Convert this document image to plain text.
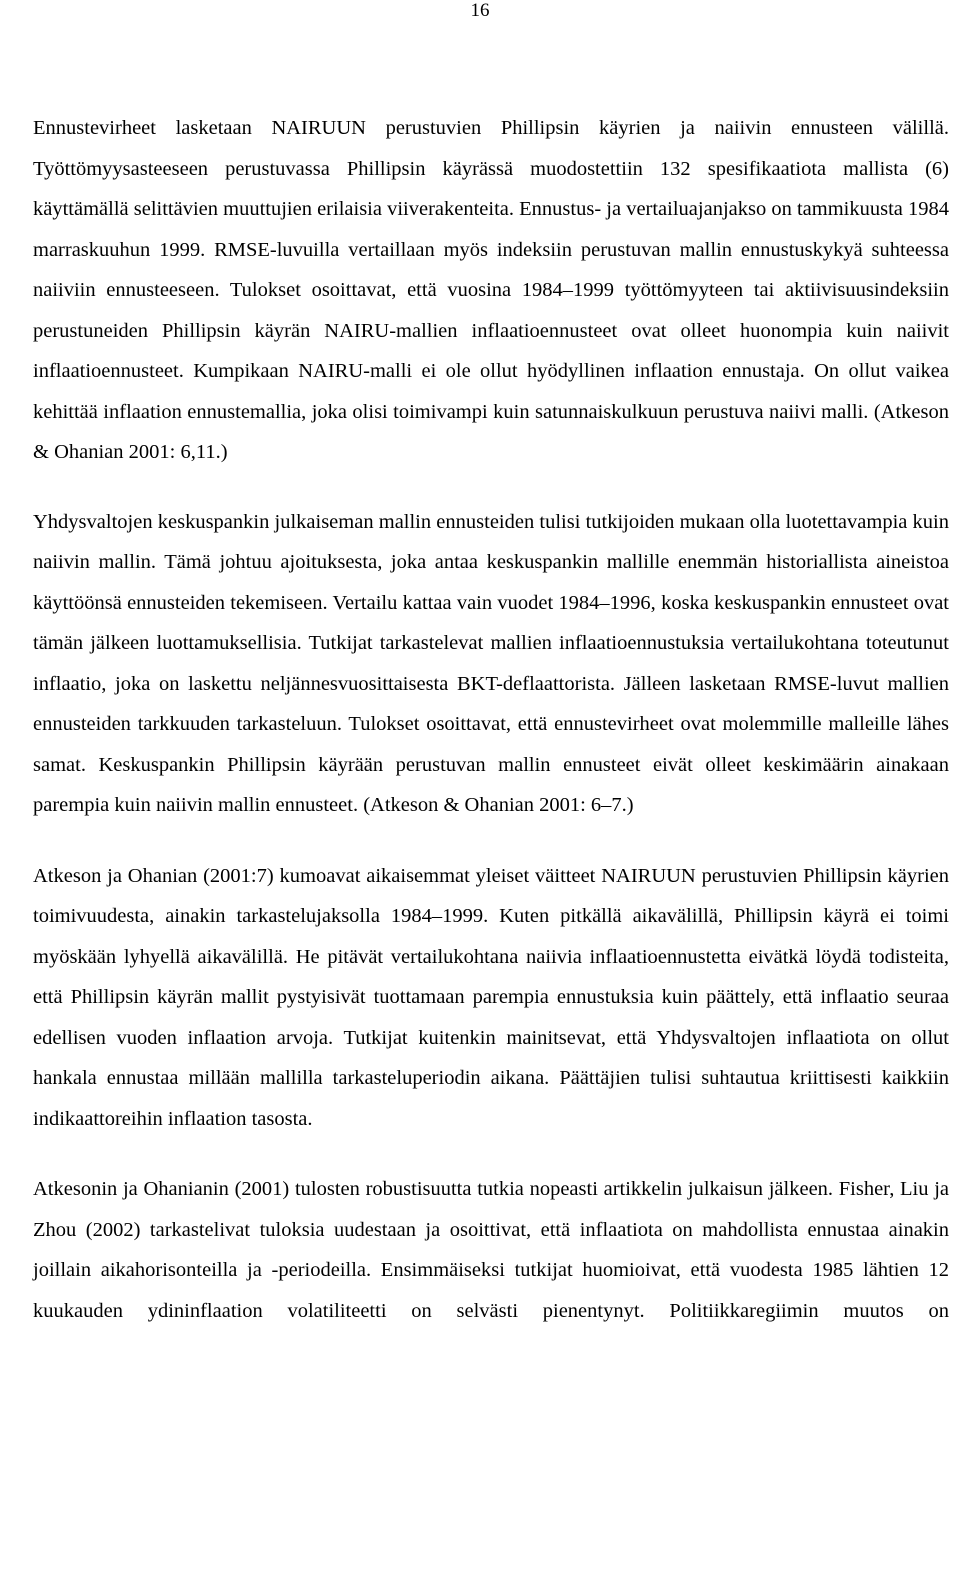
16

Ennustevirheet lasketaan NAIRUUN perustuvien Phillipsin käyrien ja naiivin ennusteen välillä. Työttömyysasteeseen perustuvassa Phillipsin käyrässä muodostettiin 132 spesifikaatiota mallista (6) käyttämällä selittävien muuttujien erilaisia viiverakenteita. Ennustus- ja vertailuajanjakso on tammikuusta 1984 marraskuuhun 1999. RMSE-luvuilla vertaillaan myös indeksiin perustuvan mallin ennustuskykyä suhteessa naiiviin ennusteeseen. Tulokset osoittavat, että vuosina 1984–1999 työttömyyteen tai aktiivisuusindeksiin perustuneiden Phillipsin käyrän NAIRU-mallien inflaatioennusteet ovat olleet huonompia kuin naiivit inflaatioennusteet. Kumpikaan NAIRU-malli ei ole ollut hyödyllinen inflaation ennustaja. On ollut vaikea kehittää inflaation ennustemallia, joka olisi toimivampi kuin satunnaiskulkuun perustuva naiivi malli. (Atkeson & Ohanian 2001: 6,11.)

Yhdysvaltojen keskuspankin julkaiseman mallin ennusteiden tulisi tutkijoiden mukaan olla luotettavampia kuin naiivin mallin. Tämä johtuu ajoituksesta, joka antaa keskuspankin mallille enemmän historiallista aineistoa käyttöönsä ennusteiden tekemiseen. Vertailu kattaa vain vuodet 1984–1996, koska keskuspankin ennusteet ovat tämän jälkeen luottamuksellisia. Tutkijat tarkastelevat mallien inflaatioennustuksia vertailukohtana toteutunut inflaatio, joka on laskettu neljännesvuosittaisesta BKT-deflaattorista. Jälleen lasketaan RMSE-luvut mallien ennusteiden tarkkuuden tarkasteluun. Tulokset osoittavat, että ennustevirheet ovat molemmille malleille lähes samat. Keskuspankin Phillipsin käyrään perustuvan mallin ennusteet eivät olleet keskimäärin ainakaan parempia kuin naiivin mallin ennusteet. (Atkeson & Ohanian 2001: 6–7.)

Atkeson ja Ohanian (2001:7) kumoavat aikaisemmat yleiset väitteet NAIRUUN perustuvien Phillipsin käyrien toimivuudesta, ainakin tarkastelujaksolla 1984–1999. Kuten pitkällä aikavälillä, Phillipsin käyrä ei toimi myöskään lyhyellä aikavälillä. He pitävät vertailukohtana naiivia inflaatioennustetta eivätkä löydä todisteita, että Phillipsin käyrän mallit pystyisivät tuottamaan parempia ennustuksia kuin päättely, että inflaatio seuraa edellisen vuoden inflaation arvoja. Tutkijat kuitenkin mainitsevat, että Yhdysvaltojen inflaatiota on ollut hankala ennustaa millään mallilla tarkasteluperiodin aikana. Päättäjien tulisi suhtautua kriittisesti kaikkiin indikaattoreihin inflaation tasosta.

Atkesonin ja Ohanianin (2001) tulosten robustisuutta tutkia nopeasti artikkelin julkaisun jälkeen. Fisher, Liu ja Zhou (2002) tarkastelivat tuloksia uudestaan ja osoittivat, että inflaatiota on mahdollista ennustaa ainakin joillain aikahorisonteilla ja -periodeilla. Ensimmäiseksi tutkijat huomioivat, että vuodesta 1985 lähtien 12 kuukauden ydininflaation volatiliteetti on selvästi pienentynyt. Politiikkaregiimin muutos on
